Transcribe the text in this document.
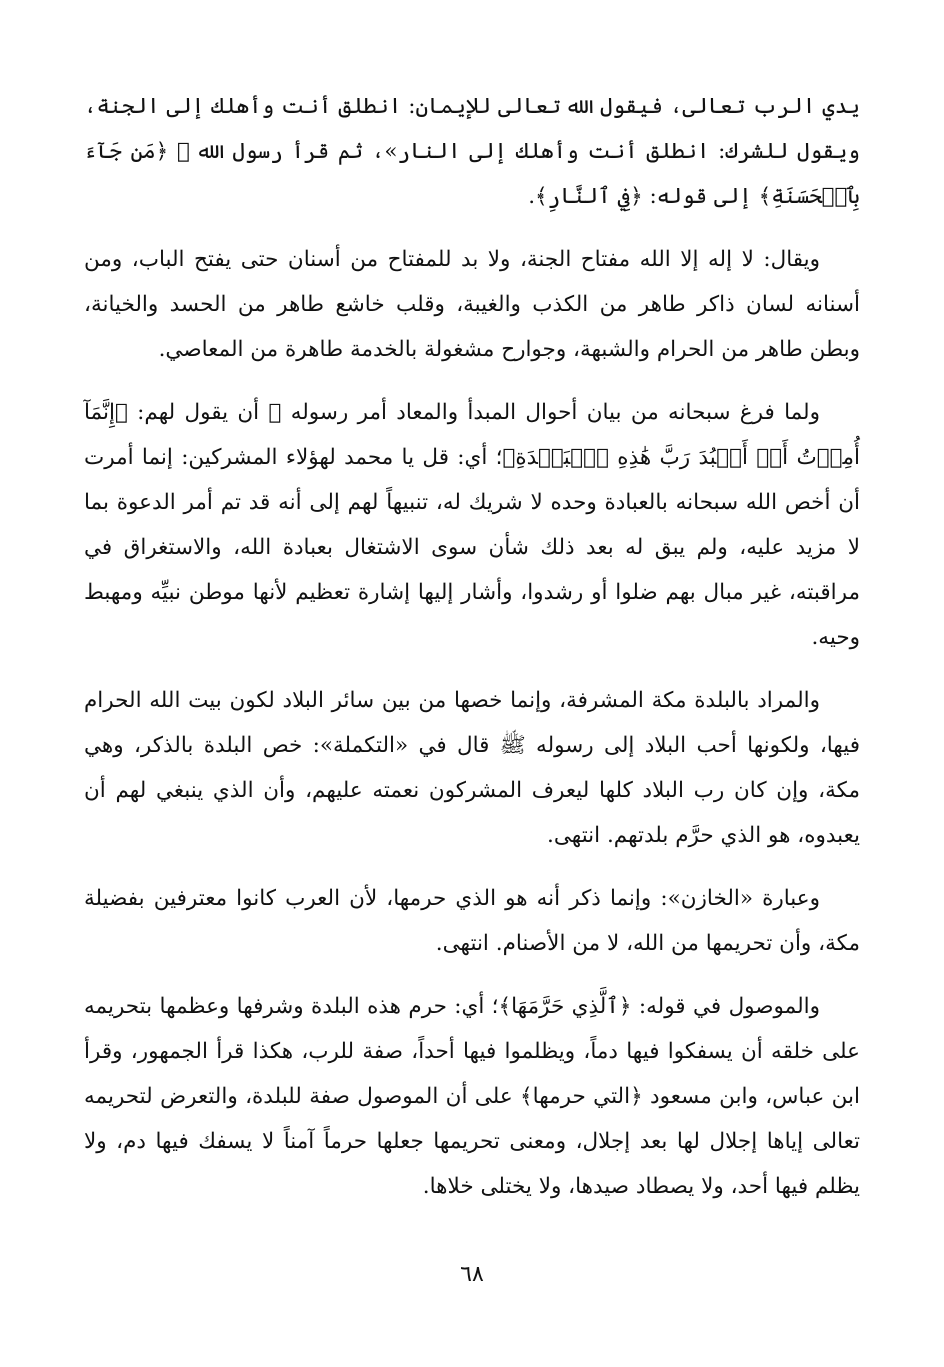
يدي الرب تعالى، فيقول الله تعالى للإيمان: انطلق أنت وأهلك إلى الجنة، ويقول للشرك: انطلق أنت وأهلك إلى النار»، ثم قرأ رسول الله ﷺ ﴿مَن جَآءَ بِٱلۡحَسَنَةِ﴾ إلى قوله: ﴿فِي ٱلنَّارِ﴾.

ويقال: لا إله إلا الله مفتاح الجنة، ولا بد للمفتاح من أسنان حتى يفتح الباب، ومن أسنانه لسان ذاكر طاهر من الكذب والغيبة، وقلب خاشع طاهر من الحسد والخيانة، وبطن طاهر من الحرام والشبهة، وجوارح مشغولة بالخدمة طاهرة من المعاصي.

ولما فرغ سبحانه من بيان أحوال المبدأ والمعاد أمر رسوله ﷺ أن يقول لهم: ﴿إِنَّمَآ أُمِرۡتُ أَنۡ أَعۡبُدَ رَبَّ هَٰذِهِ ٱلۡبَلۡدَةِ﴾؛ أي: قل يا محمد لهؤلاء المشركين: إنما أمرت أن أخص الله سبحانه بالعبادة وحده لا شريك له، تنبيهاً لهم إلى أنه قد تم أمر الدعوة بما لا مزيد عليه، ولم يبق له بعد ذلك شأن سوى الاشتغال بعبادة الله، والاستغراق في مراقبته، غير مبال بهم ضلوا أو رشدوا، وأشار إليها إشارة تعظيم لأنها موطن نبيِّه ومهبط وحيه.

والمراد بالبلدة مكة المشرفة، وإنما خصها من بين سائر البلاد لكون بيت الله الحرام فيها، ولكونها أحب البلاد إلى رسوله ﷺ قال في «التكملة»: خص البلدة بالذكر، وهي مكة، وإن كان رب البلاد كلها ليعرف المشركون نعمته عليهم، وأن الذي ينبغي لهم أن يعبدوه، هو الذي حرَّم بلدتهم. انتهى.

وعبارة «الخازن»: وإنما ذكر أنه هو الذي حرمها، لأن العرب كانوا معترفين بفضيلة مكة، وأن تحريمها من الله، لا من الأصنام. انتهى.

والموصول في قوله: ﴿ٱلَّذِي حَرَّمَهَا﴾؛ أي: حرم هذه البلدة وشرفها وعظمها بتحريمه على خلقه أن يسفكوا فيها دماً، ويظلموا فيها أحداً، صفة للرب، هكذا قرأ الجمهور، وقرأ ابن عباس، وابن مسعود ﴿التي حرمها﴾ على أن الموصول صفة للبلدة، والتعرض لتحريمه تعالى إياها إجلال لها بعد إجلال، ومعنى تحريمها جعلها حرماً آمناً لا يسفك فيها دم، ولا يظلم فيها أحد، ولا يصطاد صيدها، ولا يختلى خلاها.

٦٨
